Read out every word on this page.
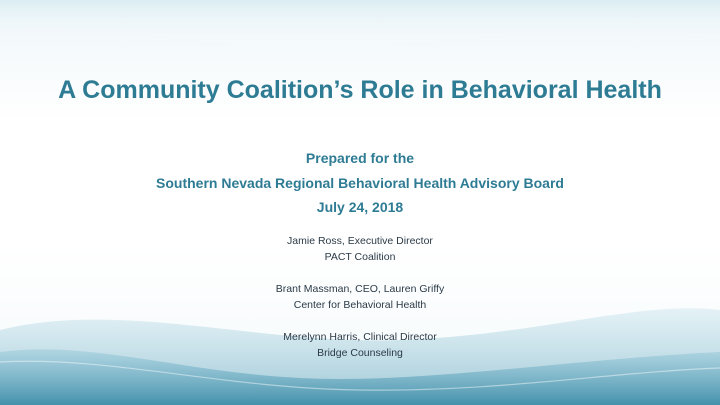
A Community Coalition’s Role in Behavioral Health
Prepared for the
Southern Nevada Regional Behavioral Health Advisory Board
July 24, 2018
Jamie Ross, Executive Director
PACT Coalition
Brant Massman, CEO, Lauren Griffy
Center for Behavioral Health
Merelynn Harris, Clinical Director
Bridge Counseling
